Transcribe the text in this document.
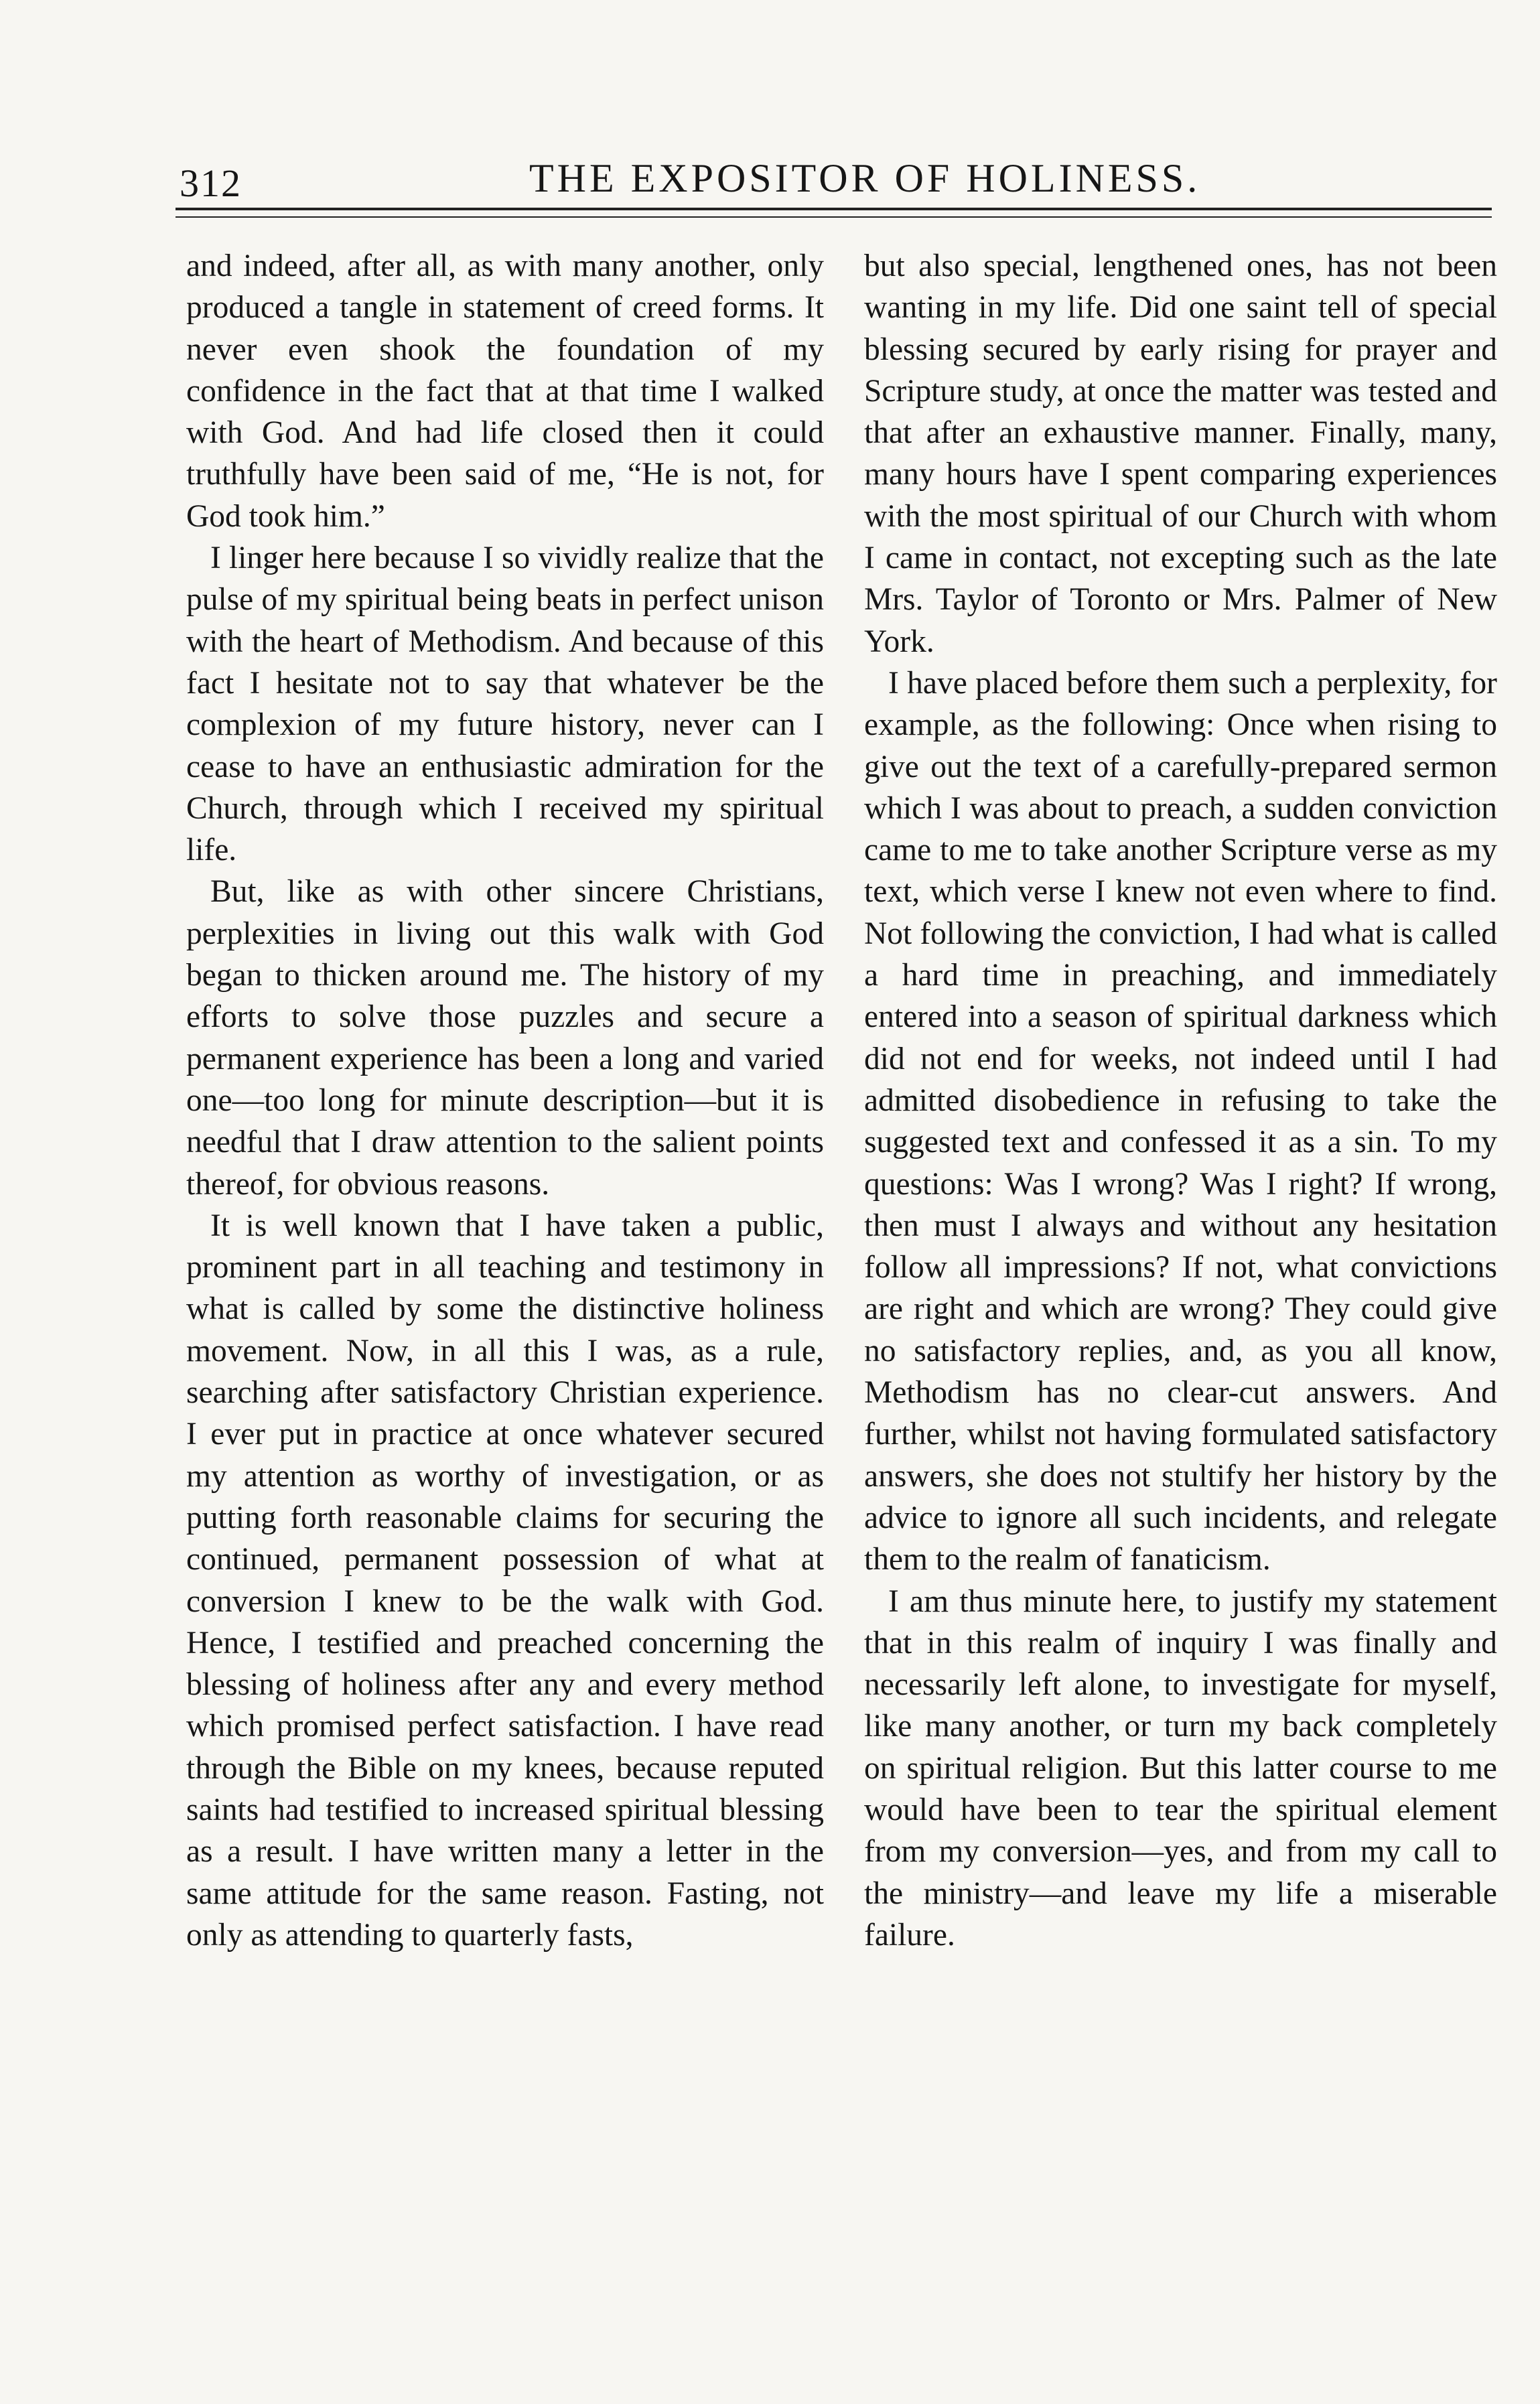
312	THE EXPOSITOR OF HOLINESS.

and indeed, after all, as with many another, only produced a tangle in statement of creed forms. It never even shook the foundation of my confidence in the fact that at that time I walked with God. And had life closed then it could truthfully have been said of me, “He is not, for God took him.”

I linger here because I so vividly realize that the pulse of my spiritual being beats in perfect unison with the heart of Methodism. And because of this fact I hesitate not to say that whatever be the complexion of my future history, never can I cease to have an enthusiastic admiration for the Church, through which I received my spiritual life.

But, like as with other sincere Christians, perplexities in living out this walk with God began to thicken around me. The history of my efforts to solve those puzzles and secure a permanent experience has been a long and varied one—too long for minute description—but it is needful that I draw attention to the salient points thereof, for obvious reasons.

It is well known that I have taken a public, prominent part in all teaching and testimony in what is called by some the distinctive holiness movement. Now, in all this I was, as a rule, searching after satisfactory Christian experience. I ever put in practice at once whatever secured my attention as worthy of investigation, or as putting forth reasonable claims for securing the continued, permanent possession of what at conversion I knew to be the walk with God. Hence, I testified and preached concerning the blessing of holiness after any and every method which promised perfect satisfaction. I have read through the Bible on my knees, because reputed saints had testified to increased spiritual blessing as a result. I have written many a letter in the same attitude for the same reason. Fasting, not only as attending to quarterly fasts,

but also special, lengthened ones, has not been wanting in my life. Did one saint tell of special blessing secured by early rising for prayer and Scripture study, at once the matter was tested and that after an exhaustive manner. Finally, many, many hours have I spent comparing experiences with the most spiritual of our Church with whom I came in contact, not excepting such as the late Mrs. Taylor of Toronto or Mrs. Palmer of New York.

I have placed before them such a perplexity, for example, as the following: Once when rising to give out the text of a carefully-prepared sermon which I was about to preach, a sudden conviction came to me to take another Scripture verse as my text, which verse I knew not even where to find. Not following the conviction, I had what is called a hard time in preaching, and immediately entered into a season of spiritual darkness which did not end for weeks, not indeed until I had admitted disobedience in refusing to take the suggested text and confessed it as a sin. To my questions: Was I wrong? Was I right? If wrong, then must I always and without any hesitation follow all impressions? If not, what convictions are right and which are wrong? They could give no satisfactory replies, and, as you all know, Methodism has no clear-cut answers. And further, whilst not having formulated satisfactory answers, she does not stultify her history by the advice to ignore all such incidents, and relegate them to the realm of fanaticism.

I am thus minute here, to justify my statement that in this realm of inquiry I was finally and necessarily left alone, to investigate for myself, like many another, or turn my back completely on spiritual religion. But this latter course to me would have been to tear the spiritual element from my conversion—yes, and from my call to the ministry—and leave my life a miserable failure.
